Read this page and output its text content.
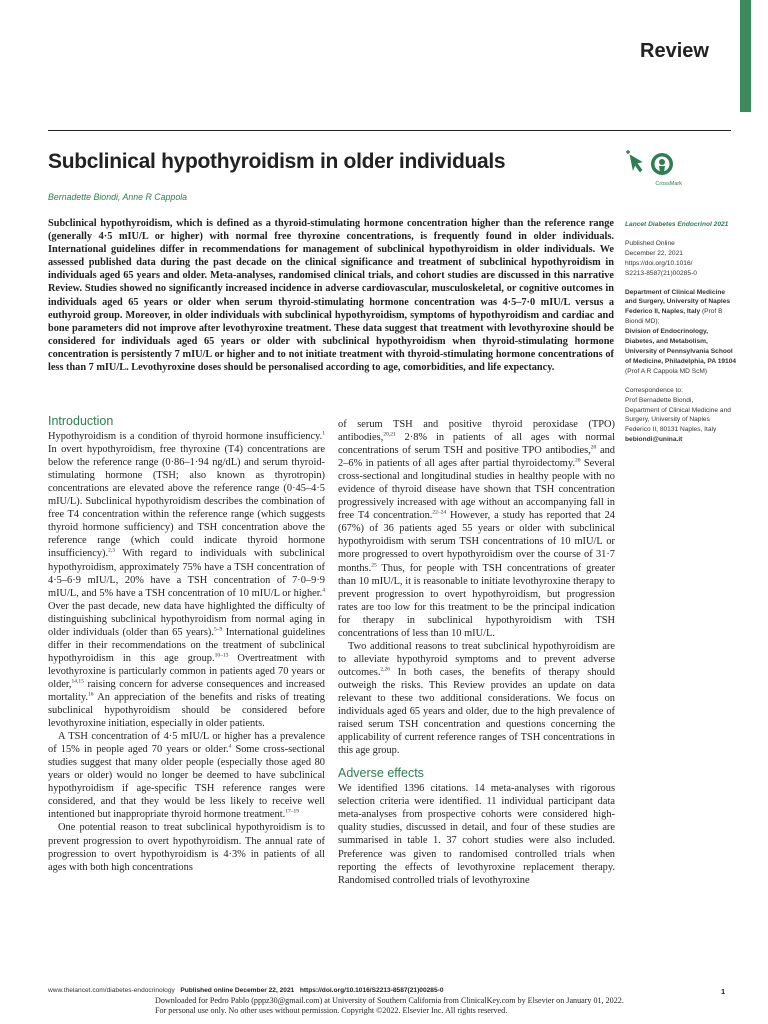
Review
Subclinical hypothyroidism in older individuals
Bernadette Biondi, Anne R Cappola
CrossMark
Subclinical hypothyroidism, which is defined as a thyroid-stimulating hormone concentration higher than the reference range (generally 4·5 mIU/L or higher) with normal free thyroxine concentrations, is frequently found in older individuals. International guidelines differ in recommendations for management of subclinical hypothyroidism in older individuals. We assessed published data during the past decade on the clinical significance and treatment of subclinical hypothyroidism in individuals aged 65 years and older. Meta-analyses, randomised clinical trials, and cohort studies are discussed in this narrative Review. Studies showed no significantly increased incidence in adverse cardiovascular, musculoskeletal, or cognitive outcomes in individuals aged 65 years or older when serum thyroid-stimulating hormone concentration was 4·5–7·0 mIU/L versus a euthyroid group. Moreover, in older individuals with subclinical hypothyroidism, symptoms of hypothyroidism and cardiac and bone parameters did not improve after levothyroxine treatment. These data suggest that treatment with levothyroxine should be considered for individuals aged 65 years or older with subclinical hypothyroidism when thyroid-stimulating hormone concentration is persistently 7 mIU/L or higher and to not initiate treatment with thyroid-stimulating hormone concentrations of less than 7 mIU/L. Levothyroxine doses should be personalised according to age, comorbidities, and life expectancy.

Lancet Diabetes Endocrinol 2021

Published Online
December 22, 2021
https://doi.org/10.1016/
S2213-8587(21)00285-0

Department of Clinical Medicine and Surgery, University of Naples Federico II, Naples, Italy (Prof B Biondi MD);
Division of Endocrinology, Diabetes, and Metabolism, University of Pennsylvania School of Medicine, Philadelphia, PA 19104
(Prof A R Cappola MD ScM)

Correspondence to:
Prof Bernadette Biondi,
Department of Clinical Medicine and Surgery, University of Naples Federico II, 80131 Naples, Italy
bebiondi@unina.it

Introduction

Hypothyroidism is a condition of thyroid hormone insufficiency.$^1$ In overt hypothyroidism, free thyroxine (T4) concentrations are below the reference range (0·86–1·94 ng/dL) and serum thyroid-stimulating hormone (TSH; also known as thyrotropin) concentrations are elevated above the reference range (0·45–4·5 mIU/L). Subclinical hypothyroidism describes the combination of free T4 concentration within the reference range (which suggests thyroid hormone sufficiency) and TSH concentration above the reference range (which could indicate thyroid hormone insufficiency).$^{2,3}$ With regard to individuals with subclinical hypothyroidism, approximately 75% have a TSH concentration of 4·5–6·9 mIU/L, 20% have a TSH concentration of 7·0–9·9 mIU/L, and 5% have a TSH concentration of 10 mIU/L or higher.$^4$ Over the past decade, new data have highlighted the difficulty of distinguishing subclinical hypothyroidism from normal aging in older individuals (older than 65 years).$^{5-9}$ International guidelines differ in their recommendations on the treatment of subclinical hypothyroidism in this age group.$^{10-13}$ Overtreatment with levothyroxine is particularly common in patients aged 70 years or older,$^{14,15}$ raising concern for adverse consequences and increased mortality.$^{16}$ An appreciation of the benefits and risks of treating subclinical hypothyroidism should be considered before levothyroxine initiation, especially in older patients.

A TSH concentration of 4·5 mIU/L or higher has a prevalence of 15% in people aged 70 years or older.$^4$ Some cross-sectional studies suggest that many older people (especially those aged 80 years or older) would no longer be deemed to have subclinical hypothyroidism if age-specific TSH reference ranges were considered, and that they would be less likely to receive well intentioned but inappropriate thyroid hormone treatment.$^{17-19}$

One potential reason to treat subclinical hypothyroidism is to prevent progression to overt hypothyroidism. The annual rate of progression to overt hypothyroidism is 4·3% in patients of all ages with both high concentrations

of serum TSH and positive thyroid peroxidase (TPO) antibodies,$^{20,21}$ 2·8% in patients of all ages with normal concentrations of serum TSH and positive TPO antibodies,$^{20}$ and 2–6% in patients of all ages after partial thyroidectomy.$^{20}$ Several cross-sectional and longitudinal studies in healthy people with no evidence of thyroid disease have shown that TSH concentration progressively increased with age without an accompanying fall in free T4 concentration.$^{22-24}$ However, a study has reported that 24 (67%) of 36 patients aged 55 years or older with subclinical hypothyroidism with serum TSH concentrations of 10 mIU/L or more progressed to overt hypothyroidism over the course of 31·7 months.$^{25}$ Thus, for people with TSH concentrations of greater than 10 mIU/L, it is reasonable to initiate levothyroxine therapy to prevent progression to overt hypothyroidism, but progression rates are too low for this treatment to be the principal indication for therapy in subclinical hypothyroidism with TSH concentrations of less than 10 mIU/L.

Two additional reasons to treat subclinical hypothyroidism are to alleviate hypothyroid symptoms and to prevent adverse outcomes.$^{2,26}$ In both cases, the benefits of therapy should outweigh the risks. This Review provides an update on data relevant to these two additional considerations. We focus on individuals aged 65 years and older, due to the high prevalence of raised serum TSH concentration and questions concerning the applicability of current reference ranges of TSH concentrations in this age group.

Adverse effects

We identified 1396 citations. 14 meta-analyses with rigorous selection criteria were identified. 11 individual participant data meta-analyses from prospective cohorts were considered high-quality studies, discussed in detail, and four of these studies are summarised in table 1. 37 cohort studies were also included. Preference was given to randomised controlled trials when reporting the effects of levothyroxine replacement therapy. Randomised controlled trials of levothyroxine

www.thelancet.com/diabetes-endocrinology Published online December 22, 2021 https://doi.org/10.1016/S2213-8587(21)00285-0	1
Downloaded for Pedro Pablo (pppz30@gmail.com) at University of Southern California from ClinicalKey.com by Elsevier on January 01, 2022. For personal use only. No other uses without permission. Copyright ©2022. Elsevier Inc. All rights reserved.
